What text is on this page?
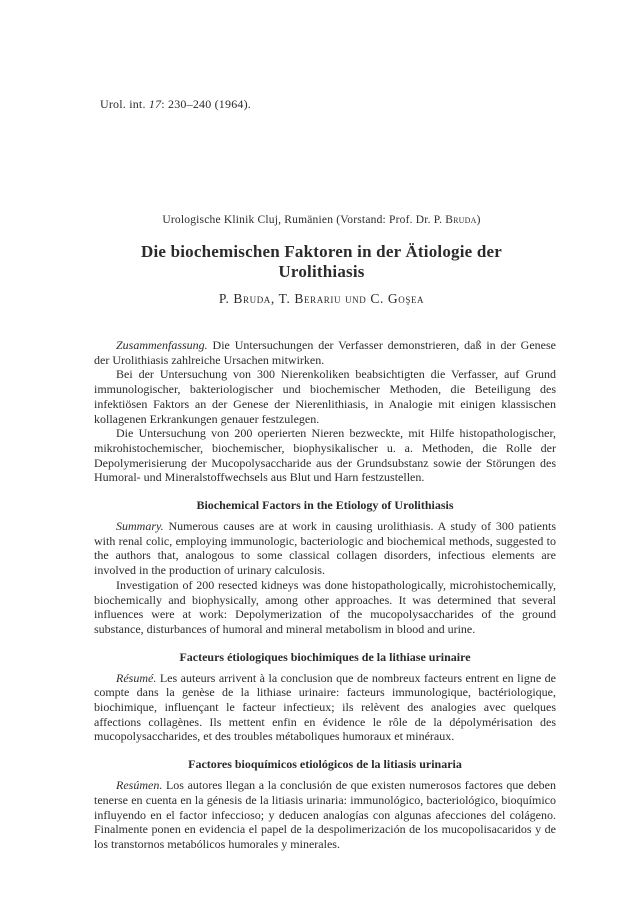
Urol. int. 17: 230–240 (1964).
Urologische Klinik Cluj, Rumänien (Vorstand: Prof. Dr. P. Bruda)
Die biochemischen Faktoren in der Ätiologie der Urolithiasis
P. Bruda, T. Berariu und C. Goşea

Zusammenfassung. Die Untersuchungen der Verfasser demonstrieren, daß in der Genese der Urolithiasis zahlreiche Ursachen mitwirken.

Bei der Untersuchung von 300 Nierenkoliken beabsichtigten die Verfasser, auf Grund immunologischer, bakteriologischer und biochemischer Methoden, die Beteiligung des infektiösen Faktors an der Genese der Nierenlithiasis, in Analogie mit einigen klassischen kollagenen Erkrankungen genauer festzulegen.

Die Untersuchung von 200 operierten Nieren bezweckte, mit Hilfe histopathologischer, mikrohistochemischer, biochemischer, biophysikalischer u. a. Methoden, die Rolle der Depolymerisierung der Mucopolysaccharide aus der Grundsubstanz sowie der Störungen des Humoral- und Mineralstoffwechsels aus Blut und Harn festzustellen.

Biochemical Factors in the Etiology of Urolithiasis

Summary. Numerous causes are at work in causing urolithiasis. A study of 300 patients with renal colic, employing immunologic, bacteriologic and biochemical methods, suggested to the authors that, analogous to some classical collagen disorders, infectious elements are involved in the production of urinary calculosis.

Investigation of 200 resected kidneys was done histopathologically, microhistochemically, biochemically and biophysically, among other approaches. It was determined that several influences were at work: Depolymerization of the mucopolysaccharides of the ground substance, disturbances of humoral and mineral metabolism in blood and urine.

Facteurs étiologiques biochimiques de la lithiase urinaire

Résumé. Les auteurs arrivent à la conclusion que de nombreux facteurs entrent en ligne de compte dans la genèse de la lithiase urinaire: facteurs immunologique, bactériologique, biochimique, influençant le facteur infectieux; ils relèvent des analogies avec quelques affections collagènes. Ils mettent enfin en évidence le rôle de la dépolymérisation des mucopolysaccharides, et des troubles métaboliques humoraux et minéraux.

Factores bioquímicos etiológicos de la litiasis urinaria

Resúmen. Los autores llegan a la conclusión de que existen numerosos factores que deben tenerse en cuenta en la génesis de la litiasis urinaria: immunológico, bacteriológico, bioquímico influyendo en el factor infeccioso; y deducen analogías con algunas afecciones del colágeno. Finalmente ponen en evidencia el papel de la despolimerización de los mucopolisacaridos y de los transtornos metabólicos humorales y minerales.
